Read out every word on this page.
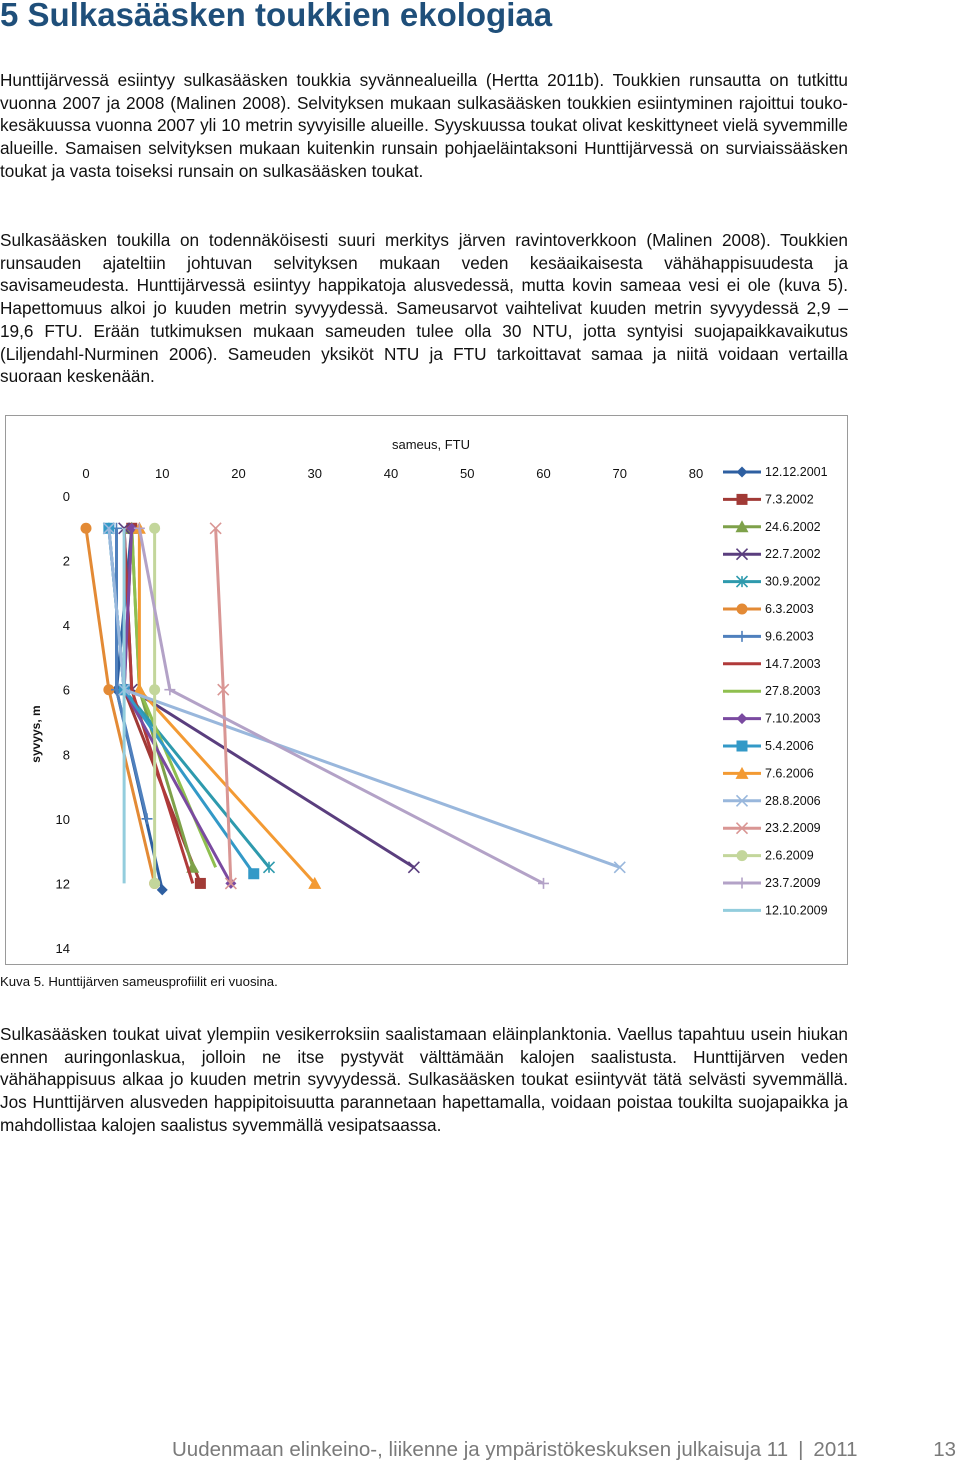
5 Sulkasääsken toukkien ekologiaa

Hunttijärvessä esiintyy sulkasääsken toukkia syvännealueilla (Hertta 2011b). Toukkien runsautta on tutkittu vuonna 2007 ja 2008 (Malinen 2008). Selvityksen mukaan sulkasääsken toukkien esiintyminen rajoittui touko-kesäkuussa vuonna 2007 yli 10 metrin syvyisille alueille. Syyskuussa toukat olivat keskittyneet vielä syvemmille alueille. Samaisen selvityksen mukaan kuitenkin runsain pohjaeläintaksoni Hunttijärvessä on surviaissääsken toukat ja vasta toiseksi runsain on sulkasääsken toukat.

Sulkasääsken toukilla on todennäköisesti suuri merkitys järven ravintoverkkoon (Malinen 2008). Toukkien runsauden ajateltiin johtuvan selvityksen mukaan veden kesäaikaisesta vähähappisuudesta ja savisameudesta. Hunttijärvessä esiintyy happikatoja alusvedessä, mutta kovin sameaa vesi ei ole (kuva 5). Hapettomuus alkoi jo kuuden metrin syvyydessä. Sameusarvot vaihtelivat kuuden metrin syvyydessä 2,9 – 19,6 FTU. Erään tutkimuksen mukaan sameuden tulee olla 30 NTU, jotta syntyisi suojapaikkavaikutus (Liljendahl-Nurminen 2006). Sameuden yksiköt NTU ja FTU tarkoittavat samaa ja niitä voidaan vertailla suoraan keskenään.

sameus, FTU
0	10	20	30	40	50	60	70	80
0
2
4
6
8
10
12
14
syvyys, m
12.12.2001
7.3.2002
24.6.2002
22.7.2002
30.9.2002
6.3.2003
9.6.2003
14.7.2003
27.8.2003
7.10.2003
5.4.2006
7.6.2006
28.8.2006
23.2.2009
2.6.2009
23.7.2009
12.10.2009

Kuva 5. Hunttijärven sameusprofiilit eri vuosina.

Sulkasääsken toukat uivat ylempiin vesikerroksiin saalistamaan eläinplanktonia. Vaellus tapahtuu usein hiukan ennen auringonlaskua, jolloin ne itse pystyvät välttämään kalojen saalistusta. Hunttijärven veden vähähappisuus alkaa jo kuuden metrin syvyydessä. Sulkasääsken toukat esiintyvät tätä selvästi syvemmällä. Jos Hunttijärven alusveden happipitoisuutta parannetaan hapettamalla, voidaan poistaa toukilta suojapaikka ja mahdollistaa kalojen saalistus syvemmällä vesipatsaassa.

Uudenmaan elinkeino-, liikenne ja ympäristökeskuksen julkaisuja 11 | 2011	13
